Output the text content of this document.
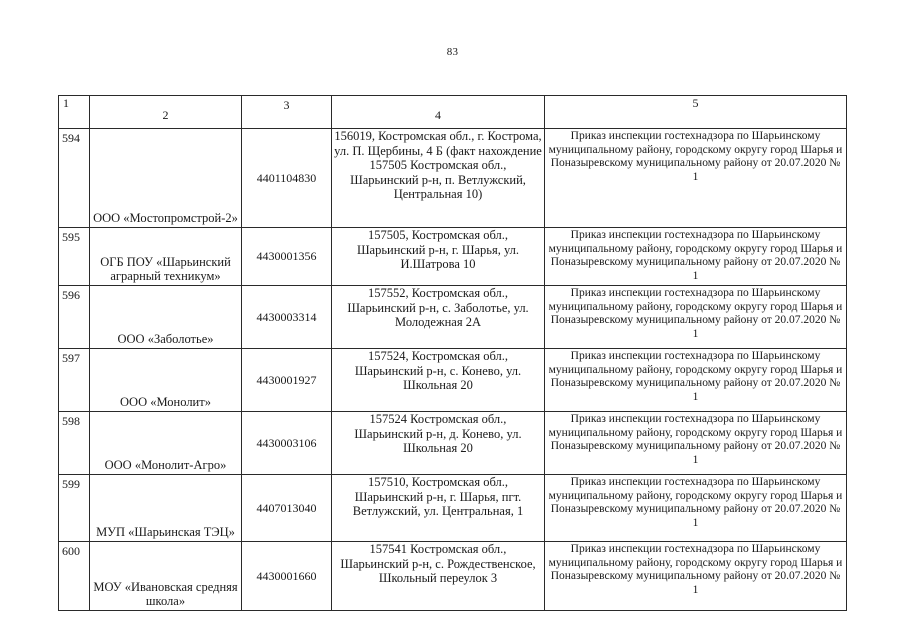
83
1	2	3	4	5

594	ООО «Мостопромстрой-2»	4401104830	156019, Костромская обл., г. Кострома, ул. П. Щербины, 4 Б (факт нахождение 157505 Костромская обл., Шарьинский р-н, п. Ветлужский, Центральная 10)	Приказ инспекции гостехнадзора по Шарьинскому муниципальному району, городскому округу город Шарья и Поназыревскому муниципальному району от 20.07.2020 № 1
595	ОГБ ПОУ «Шарьинский аграрный техникум»	4430001356	157505, Костромская обл., Шарьинский р-н, г. Шарья, ул. И.Шатрова 10	Приказ инспекции гостехнадзора по Шарьинскому муниципальному району, городскому округу город Шарья и Поназыревскому муниципальному району от 20.07.2020 № 1
596	ООО «Заболотье»	4430003314	157552, Костромская обл., Шарьинский р-н, с. Заболотье, ул. Молодежная 2А	Приказ инспекции гостехнадзора по Шарьинскому муниципальному району, городскому округу город Шарья и Поназыревскому муниципальному району от 20.07.2020 № 1
597	ООО «Монолит»	4430001927	157524, Костромская обл., Шарьинский р-н, с. Конево, ул. Школьная 20	Приказ инспекции гостехнадзора по Шарьинскому муниципальному району, городскому округу город Шарья и Поназыревскому муниципальному району от 20.07.2020 № 1
598	ООО «Монолит-Агро»	4430003106	157524 Костромская обл., Шарьинский р-н, д. Конево, ул. Школьная 20	Приказ инспекции гостехнадзора по Шарьинскому муниципальному району, городскому округу город Шарья и Поназыревскому муниципальному району от 20.07.2020 № 1
599	МУП «Шарьинская ТЭЦ»	4407013040	157510, Костромская обл., Шарьинский р-н, г. Шарья, пгт. Ветлужский, ул. Центральная, 1	Приказ инспекции гостехнадзора по Шарьинскому муниципальному району, городскому округу город Шарья и Поназыревскому муниципальному району от 20.07.2020 № 1
600	МОУ «Ивановская средняя школа»	4430001660	157541 Костромская обл., Шарьинский р-н, с. Рождественское, Школьный переулок 3	Приказ инспекции гостехнадзора по Шарьинскому муниципальному району, городскому округу город Шарья и Поназыревскому муниципальному району от 20.07.2020 № 1
